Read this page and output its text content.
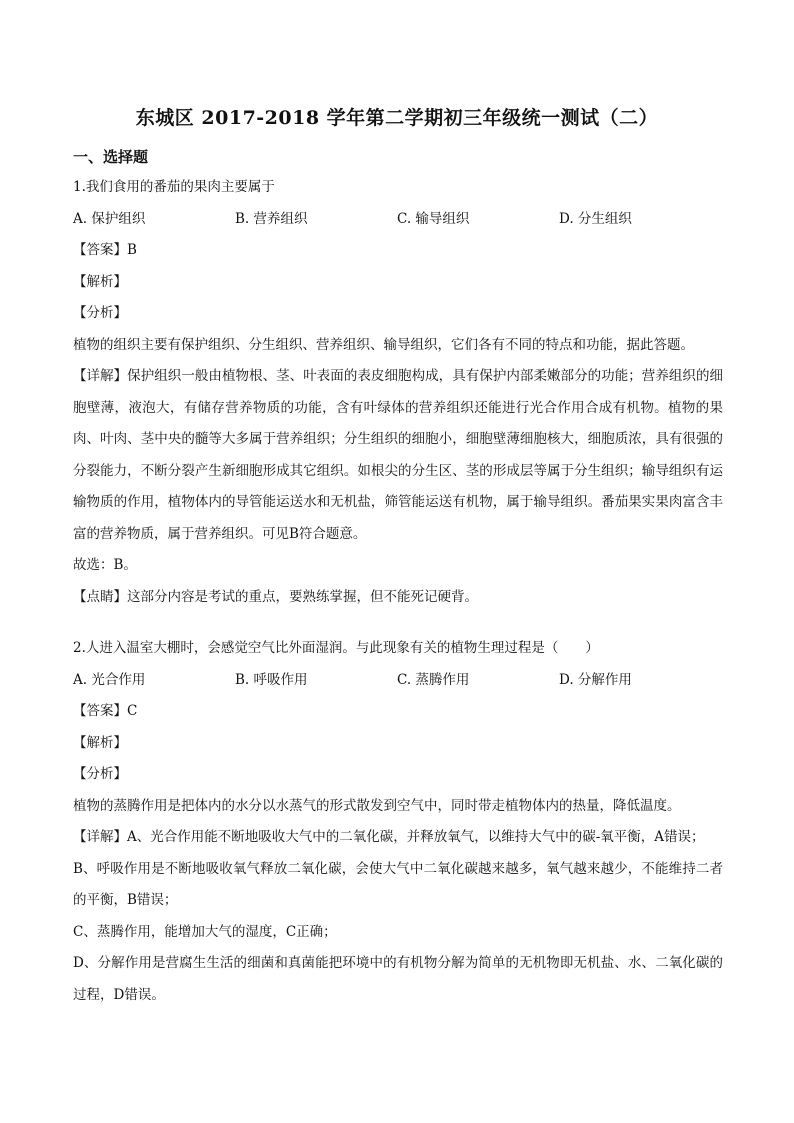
东城区 2017-2018 学年第二学期初三年级统一测试（二）
一、选择题
1.我们食用的番茄的果肉主要属于
A. 保护组织	B. 营养组织	C. 输导组织	D. 分生组织
【答案】B
【解析】
【分析】
植物的组织主要有保护组织、分生组织、营养组织、输导组织，它们各有不同的特点和功能，据此答题。
【详解】保护组织一般由植物根、茎、叶表面的表皮细胞构成，具有保护内部柔嫩部分的功能；营养组织的细胞壁薄，液泡大，有储存营养物质的功能，含有叶绿体的营养组织还能进行光合作用合成有机物。植物的果肉、叶肉、茎中央的髓等大多属于营养组织；分生组织的细胞小，细胞壁薄细胞核大，细胞质浓，具有很强的分裂能力，不断分裂产生新细胞形成其它组织。如根尖的分生区、茎的形成层等属于分生组织；输导组织有运输物质的作用，植物体内的导管能运送水和无机盐，筛管能运送有机物，属于输导组织。番茄果实果肉富含丰富的营养物质，属于营养组织。可见B符合题意。
故选：B。
【点睛】这部分内容是考试的重点，要熟练掌握，但不能死记硬背。
2.人进入温室大棚时，会感觉空气比外面湿润。与此现象有关的植物生理过程是（　　）
A. 光合作用	B. 呼吸作用	C. 蒸腾作用	D. 分解作用
【答案】C
【解析】
【分析】
植物的蒸腾作用是把体内的水分以水蒸气的形式散发到空气中，同时带走植物体内的热量，降低温度。
【详解】A、光合作用能不断地吸收大气中的二氧化碳，并释放氧气，以维持大气中的碳-氧平衡，A错误；
B、呼吸作用是不断地吸收氧气释放二氧化碳，会使大气中二氧化碳越来越多，氧气越来越少，不能维持二者的平衡，B错误；
C、蒸腾作用，能增加大气的湿度，C正确；
D、分解作用是营腐生生活的细菌和真菌能把环境中的有机物分解为简单的无机物即无机盐、水、二氧化碳的过程，D错误。
